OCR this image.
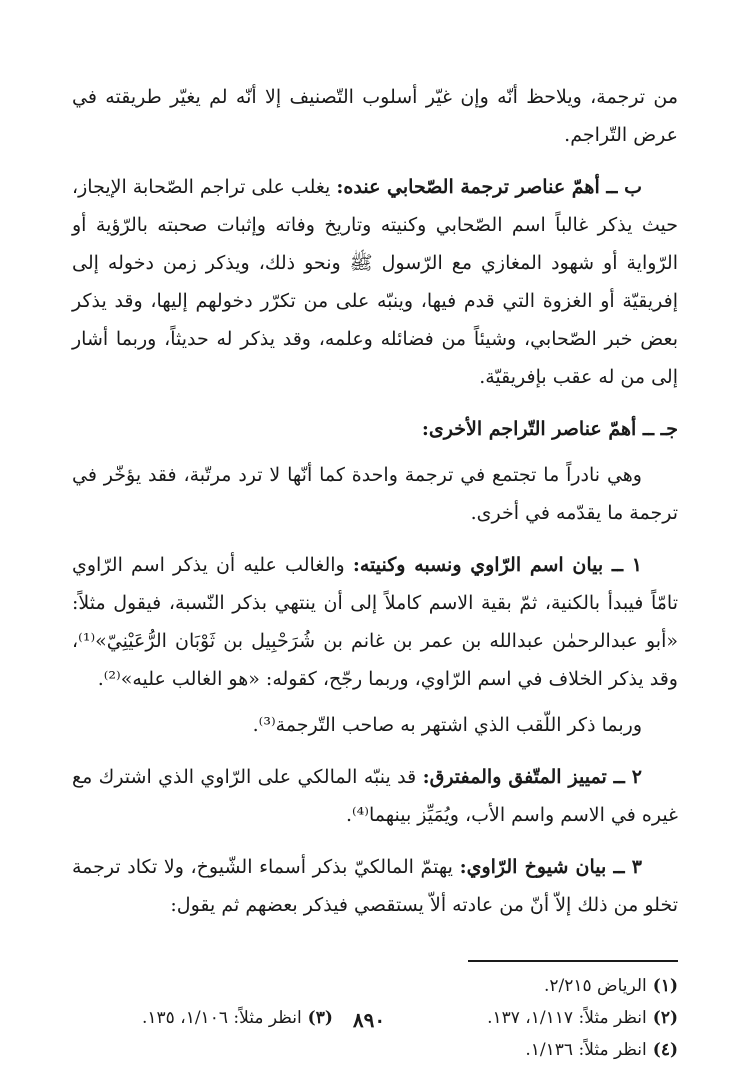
من ترجمة، ويلاحظ أنّه وإن غيّر أسلوب التّصنيف إلا أنّه لم يغيّر طريقته في عرض التّراجم.

ب ــ أهمّ عناصر ترجمة الصّحابي عنده: يغلب على تراجم الصّحابة الإيجاز، حيث يذكر غالباً اسم الصّحابي وكنيته وتاريخ وفاته وإثبات صحبته بالرّؤية أو الرّواية أو شهود المغازي مع الرّسول ﷺ ونحو ذلك، ويذكر زمن دخوله إلى إفريقيّة أو الغزوة التي قدم فيها، وينبّه على من تكرّر دخولهم إليها، وقد يذكر بعض خبر الصّحابي، وشيئاً من فضائله وعلمه، وقد يذكر له حديثاً، وربما أشار إلى من له عقب بإفريقيّة.

جـ ــ أهمّ عناصر التّراجم الأخرى:

وهي نادراً ما تجتمع في ترجمة واحدة كما أنّها لا ترد مرتّبة، فقد يؤخّر في ترجمة ما يقدّمه في أخرى.

١ ــ بيان اسم الرّاوي ونسبه وكنيته: والغالب عليه أن يذكر اسم الرّاوي تامّاً فيبدأ بالكنية، ثمّ بقية الاسم كاملاً إلى أن ينتهي بذكر النّسبة، فيقول مثلاً: «أبو عبدالرحمٰن عبدالله بن عمر بن غانم بن شُرَحْبِيل بن ثَوْبَان الرُّعَيْنِيّ»⁽¹⁾، وقد يذكر الخلاف في اسم الرّاوي، وربما رجّح، كقوله: «هو الغالب عليه»⁽²⁾.

وربما ذكر اللّقب الذي اشتهر به صاحب التّرجمة⁽³⁾.

٢ ــ تمييز المتّفق والمفترق: قد ينبّه المالكي على الرّاوي الذي اشترك مع غيره في الاسم واسم الأب، ويُمَيِّز بينهما⁽⁴⁾.

٣ ــ بيان شيوخ الرّاوي: يهتمّ المالكيّ بذكر أسماء الشّيوخ، ولا تكاد ترجمة تخلو من ذلك إلاّ أنّ من عادته ألاّ يستقصي فيذكر بعضهم ثم يقول:

(١)
الرياض ٢/٢١٥.
(٢)
انظر مثلاً: ١/١١٧، ١٣٧.
(٣)
انظر مثلاً: ١/١٠٦، ١٣٥.
(٤)
انظر مثلاً: ١/١٣٦.
٨٩٠
